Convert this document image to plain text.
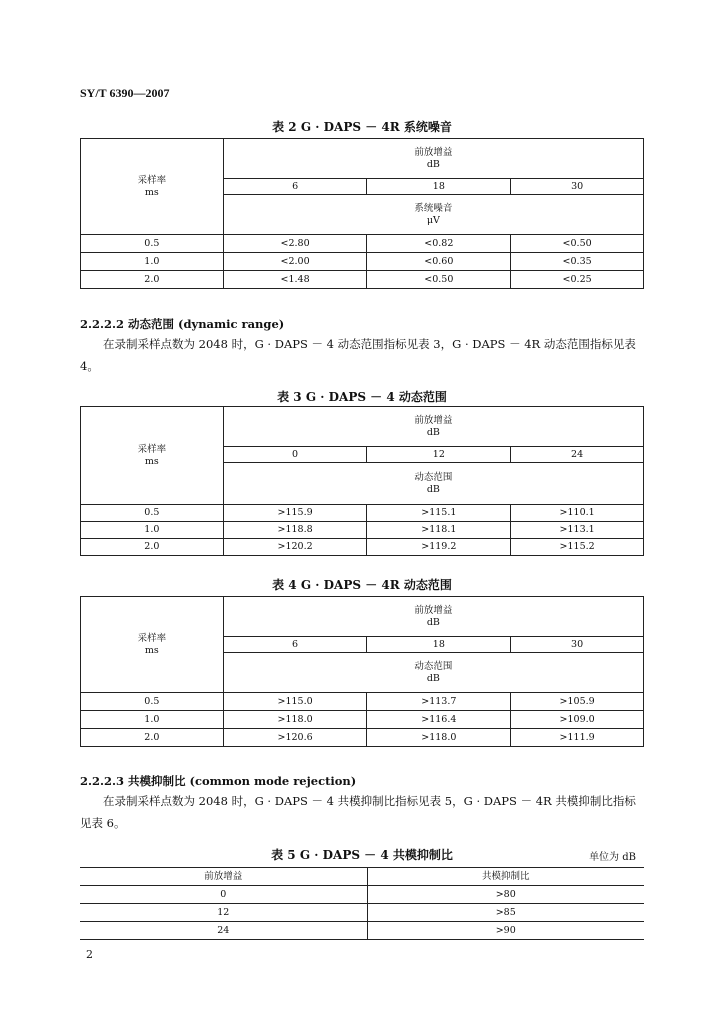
SY/T 6390—2007
表 2 G · DAPS － 4R 系统噪音
采样率
ms	前放增益
dB		

	6	18	30

	系统噪音
μV		

0.5	<2.80	<0.82	<0.50
1.0	<2.00	<0.60	<0.35
2.0	<1.48	<0.50	<0.25
2.2.2.2 动态范围 (dynamic range)
在录制采样点数为 2048 时，G · DAPS － 4 动态范围指标见表 3，G · DAPS － 4R 动态范围指标见表 4。
表 3 G · DAPS － 4 动态范围
采样率
ms	前放增益
dB		

	0	12	24

	动态范围
dB		

0.5	>115.9	>115.1	>110.1
1.0	>118.8	>118.1	>113.1
2.0	>120.2	>119.2	>115.2
表 4 G · DAPS － 4R 动态范围
采样率
ms	前放增益
dB		

	6	18	30

	动态范围
dB		

0.5	>115.0	>113.7	>105.9
1.0	>118.0	>116.4	>109.0
2.0	>120.6	>118.0	>111.9
2.2.2.3 共模抑制比 (common mode rejection)
在录制采样点数为 2048 时，G · DAPS － 4 共模抑制比指标见表 5，G · DAPS － 4R 共模抑制比指标见表 6。
表 5 G · DAPS － 4 共模抑制比	单位为 dB
前放增益	共模抑制比
0	>80
12	>85
24	>90
2
